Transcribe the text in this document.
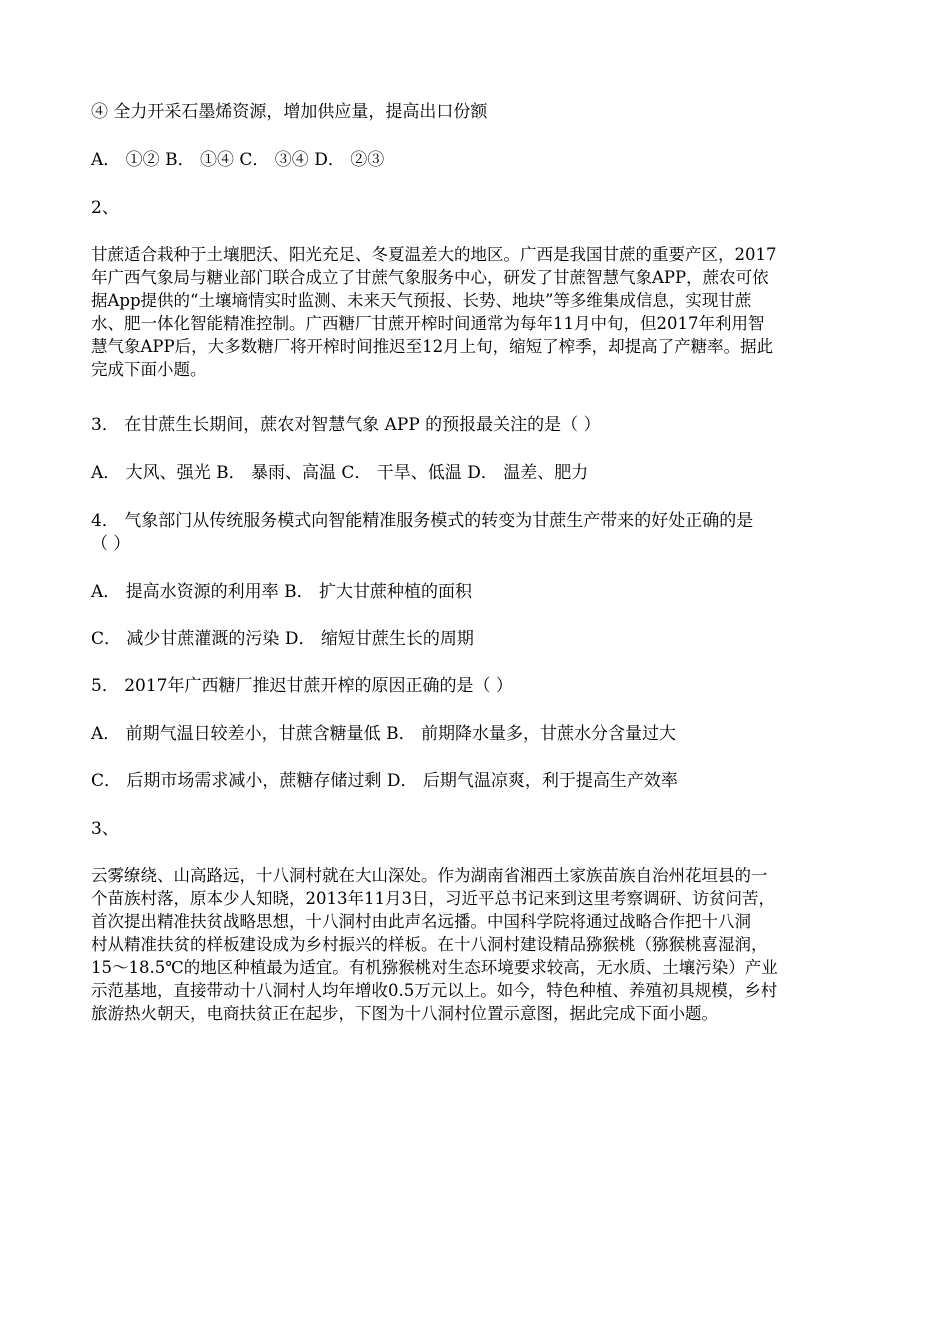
④ 全力开采石墨烯资源，增加供应量，提高出口份额
A． ①② B． ①④ C． ③④ D． ②③
2、
甘蔗适合栽种于土壤肥沃、阳光充足、冬夏温差大的地区。广西是我国甘蔗的重要产区，2017
年广西气象局与糖业部门联合成立了甘蔗气象服务中心，研发了甘蔗智慧气象APP，蔗农可依
据App提供的“土壤墒情实时监测、未来天气预报、长势、地块”等多维集成信息，实现甘蔗
水、肥一体化智能精准控制。广西糖厂甘蔗开榨时间通常为每年11月中旬，但2017年利用智
慧气象APP后，大多数糖厂将开榨时间推迟至12月上旬，缩短了榨季，却提高了产糖率。据此
完成下面小题。
3． 在甘蔗生长期间，蔗农对智慧气象 APP 的预报最关注的是（ ）
A． 大风、强光 B． 暴雨、高温 C． 干旱、低温 D． 温差、肥力
4． 气象部门从传统服务模式向智能精准服务模式的转变为甘蔗生产带来的好处正确的是
（ ）
A． 提高水资源的利用率 B． 扩大甘蔗种植的面积
C． 减少甘蔗灌溉的污染 D． 缩短甘蔗生长的周期
5． 2017年广西糖厂推迟甘蔗开榨的原因正确的是（ ）
A． 前期气温日较差小，甘蔗含糖量低 B． 前期降水量多，甘蔗水分含量过大
C． 后期市场需求减小，蔗糖存储过剩 D． 后期气温凉爽，利于提高生产效率
3、
云雾缭绕、山高路远，十八洞村就在大山深处。作为湖南省湘西土家族苗族自治州花垣县的一
个苗族村落，原本少人知晓，2013年11月3日，习近平总书记来到这里考察调研、访贫问苦，
首次提出精准扶贫战略思想，十八洞村由此声名远播。中国科学院将通过战略合作把十八洞
村从精准扶贫的样板建设成为乡村振兴的样板。在十八洞村建设精品猕猴桃（猕猴桃喜湿润，
15～18.5℃的地区种植最为适宜。有机猕猴桃对生态环境要求较高，无水质、土壤污染）产业
示范基地，直接带动十八洞村人均年增收0.5万元以上。如今，特色种植、养殖初具规模，乡村
旅游热火朝天，电商扶贫正在起步，下图为十八洞村位置示意图，据此完成下面小题。
